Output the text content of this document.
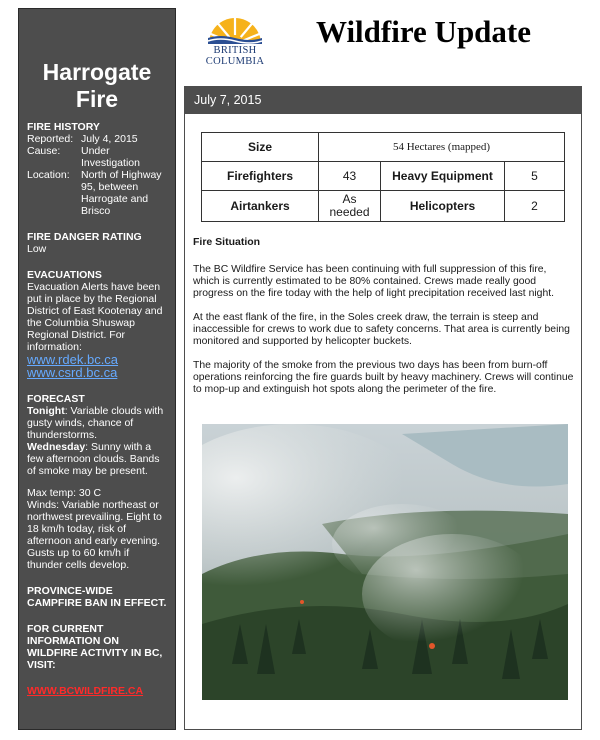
Harrogate Fire
FIRE HISTORY
Reported: July 4, 2015
Cause:	Under Investigation
Location:	North of Highway 95, between Harrogate and Brisco
FIRE DANGER RATING
Low
EVACUATIONS
Evacuation Alerts have been put in place by the Regional District of East Kootenay and the Columbia Shuswap Regional District. For information:
www.rdek.bc.ca
www.csrd.bc.ca
FORECAST
Tonight: Variable clouds with gusty winds, chance of thunderstorms.
Wednesday: Sunny with a few afternoon clouds. Bands of smoke may be present.
Max temp: 30 C
Winds: Variable northeast or northwest prevailing. Eight to 18 km/h today, risk of afternoon and early evening. Gusts up to 60 km/h if thunder cells develop.
PROVINCE-WIDE CAMPFIRE BAN IN EFFECT.
FOR CURRENT INFORMATION ON WILDFIRE ACTIVITY IN BC, VISIT:
WWW.BCWILDFIRE.CA
BRITISH
COLUMBIA
Wildfire Update
July 7, 2015
Size	54 Hectares (mapped)		
Firefighters	43	Heavy Equipment	5
Airtankers	As needed	Helicopters	2
Fire Situation

The BC Wildfire Service has been continuing with full suppression of this fire, which is currently estimated to be 80% contained. Crews made really good progress on the fire today with the help of light precipitation received last night.

At the east flank of the fire, in the Soles creek draw, the terrain is steep and inaccessible for crews to work due to safety concerns. That area is currently being monitored and supported by helicopter buckets.

The majority of the smoke from the previous two days has been from burn-off operations reinforcing the fire guards built by heavy machinery. Crews will continue to mop-up and extinguish hot spots along the perimeter of the fire.
